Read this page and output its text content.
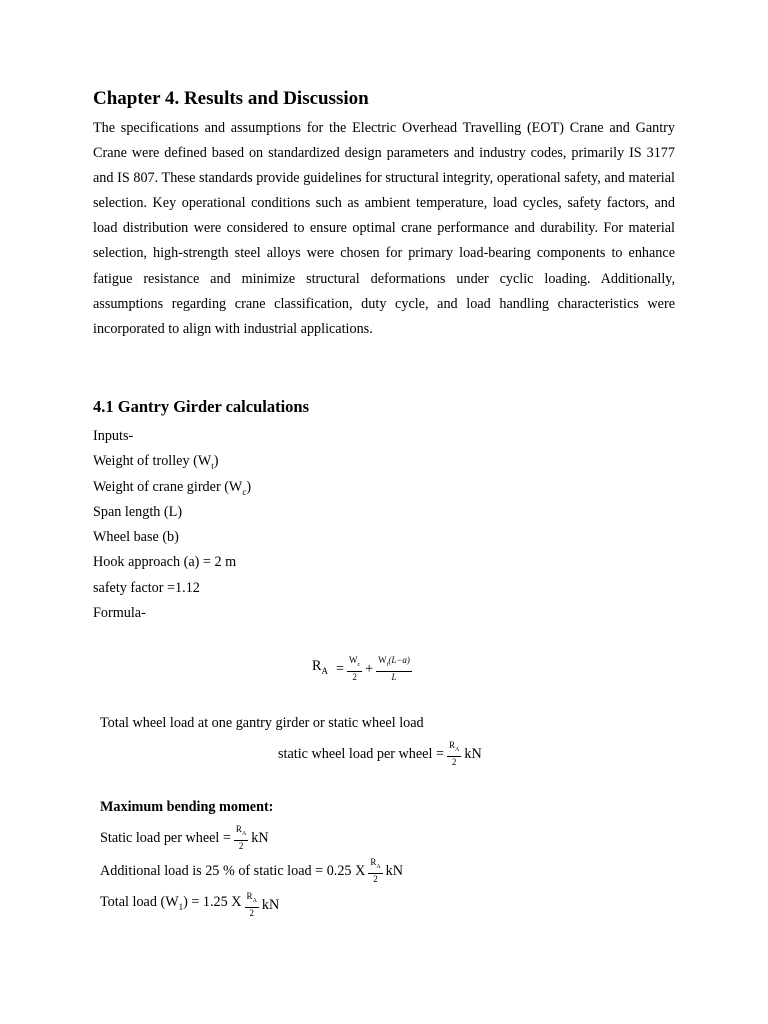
Chapter 4. Results and Discussion

The specifications and assumptions for the Electric Overhead Travelling (EOT) Crane and Gantry Crane were defined based on standardized design parameters and industry codes, primarily IS 3177 and IS 807. These standards provide guidelines for structural integrity, operational safety, and material selection. Key operational conditions such as ambient temperature, load cycles, safety factors, and load distribution were considered to ensure optimal crane performance and durability. For material selection, high-strength steel alloys were chosen for primary load-bearing components to enhance fatigue resistance and minimize structural deformations under cyclic loading. Additionally, assumptions regarding crane classification, duty cycle, and load handling characteristics were incorporated to align with industrial applications.

4.1 Gantry Girder calculations
Inputs-
Weight of trolley $(W_t)$
Weight of crane girder $(W_c)$
Span length (L)
Wheel base (b)
Hook approach (a) = 2 m
safety factor =1.12
Formula-
$R_A = \frac{W_c}{2} + \frac{W_t(L-a)}{L}$
Total wheel load at one gantry girder or static wheel load
static wheel load per wheel = $\frac{R_A}{2}$ kN
Maximum bending moment:
Static load per wheel = $\frac{R_A}{2}$ kN
Additional load is 25 % of static load = 0.25 X $\frac{R_A}{2}$ kN
Total load $(W_1) = 1.25$ X $\frac{R_A}{2}$ kN
